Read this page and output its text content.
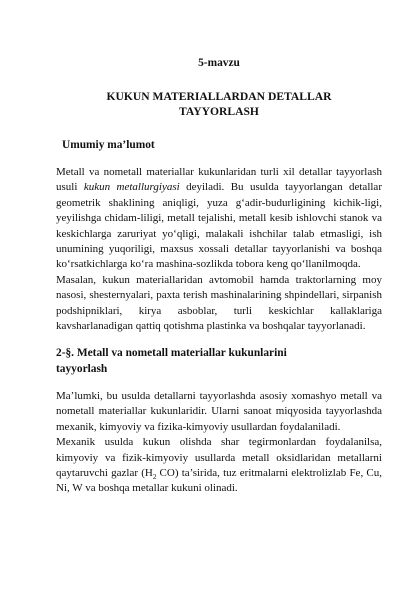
5-mavzu
KUKUN MATERIALLARDAN DETALLAR TAYYORLASH
Umumiy ma’lumot

Metall va nometall materiallar kukunlaridan turli xil detallar tayyorlash usuli kukun metallurgiyasi deyiladi. Bu usulda tayyorlangan detallar geometrik shaklining aniqligi, yuza g‘adir-budurligining kichik-ligi, yeyilishga chidam-liligi, metall tejalishi, metall kesib ishlovchi stanok va keskichlarga zaruriyat yo‘qligi, malakali ishchilar talab etmasligi, ish unumining yuqoriligi, maxsus xossali detallar tayyorlanishi va boshqa ko‘rsatkichlarga ko‘ra mashina-sozlikda tobora keng qo‘llanilmoqda.

Masalan, kukun materiallaridan avtomobil hamda traktorlarning moy nasosi, shesternyalari, paxta terish mashinalarining shpindellari, sirpanish podshipniklari, kirya asboblar, turli keskichlar kallaklariga kavsharlanadigan qattiq qotishma plastinka va boshqalar tayyorlanadi.

2-§. Metall va nometall materiallar kukunlarini tayyorlash

Ma’lumki, bu usulda detallarni tayyorlashda asosiy xomashyo metall va nometall materiallar kukunlaridir. Ularni sanoat miqyosida tayyorlashda mexanik, kimyoviy va fizika-kimyoviy usullardan foydalaniladi.

Mexanik usulda kukun olishda shar tegirmonlardan foydalanilsa, kimyoviy va fizik-kimyoviy usullarda metall oksidlaridan metallarni qaytaruvchi gazlar ($H_2$ CO) ta’sirida, tuz eritmalarni elektrolizlab Fe, Cu, Ni, W va boshqa metallar kukuni olinadi.
